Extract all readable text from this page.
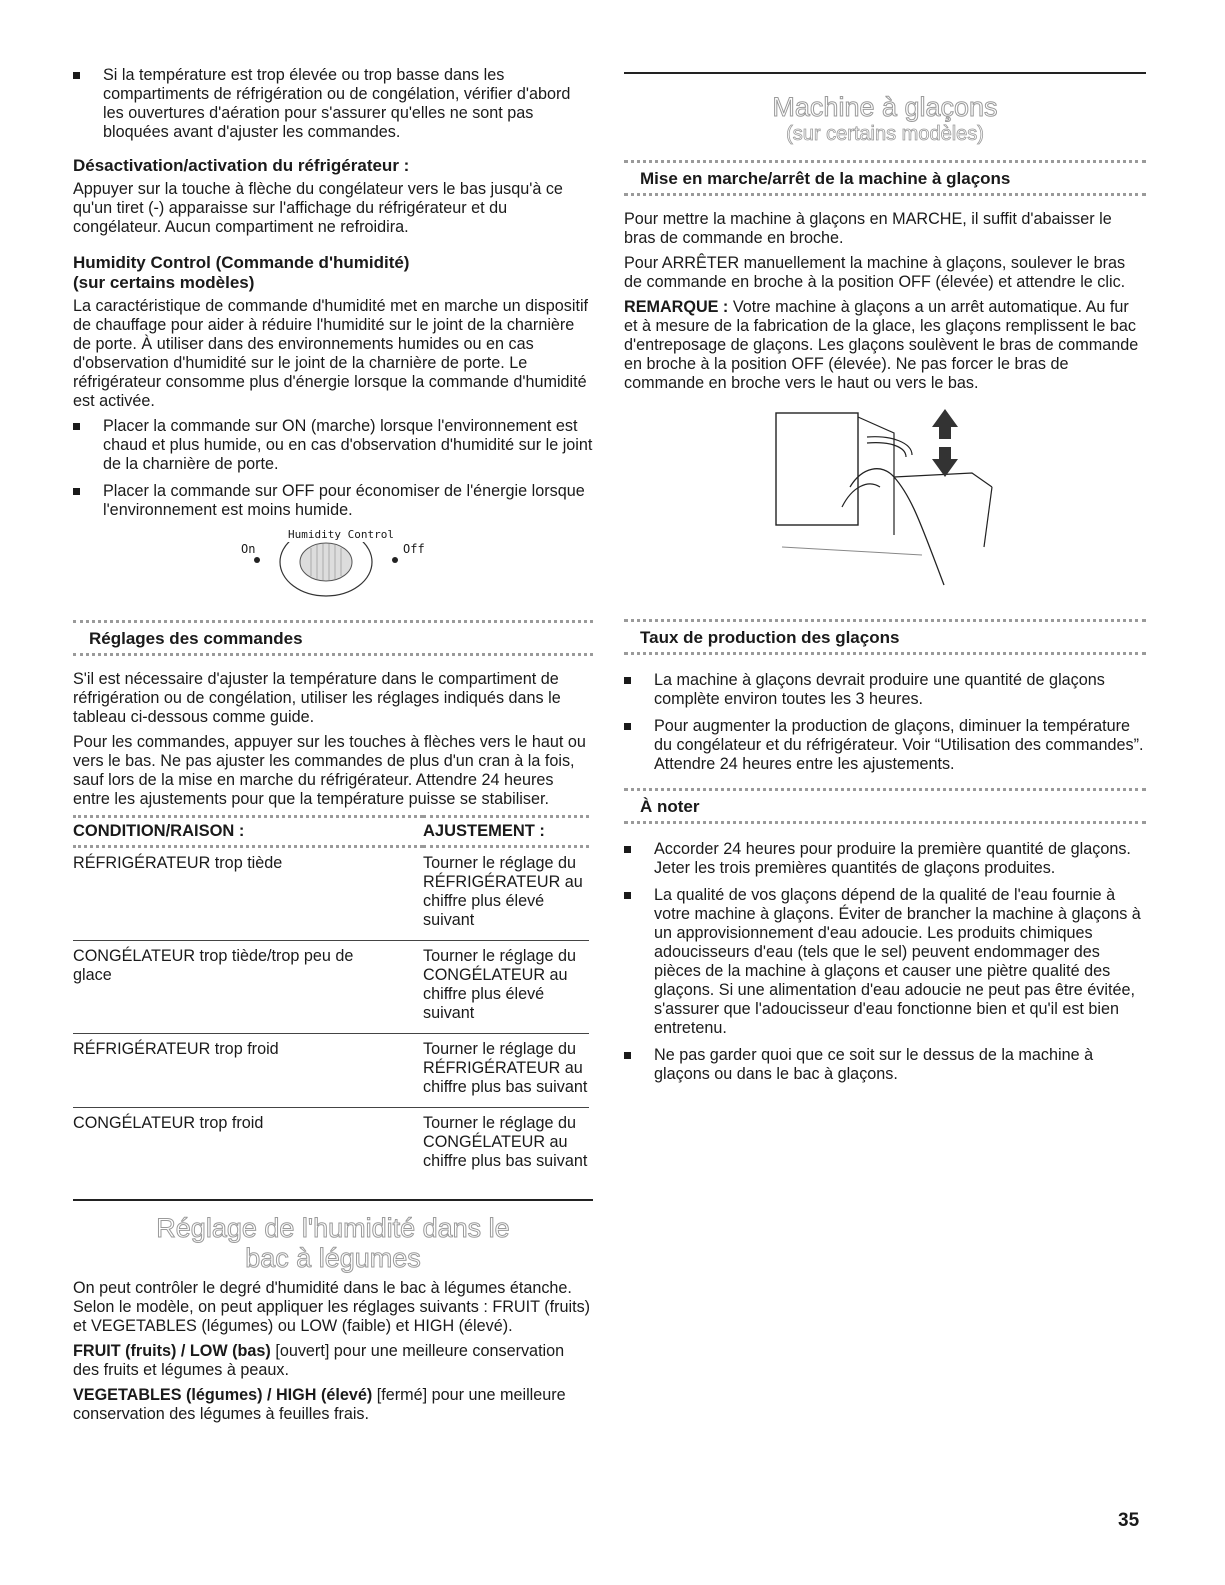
Si la température est trop élevée ou trop basse dans les compartiments de réfrigération ou de congélation, vérifier d'abord les ouvertures d'aération pour s'assurer qu'elles ne sont pas bloquées avant d'ajuster les commandes.
Désactivation/activation du réfrigérateur :

Appuyer sur la touche à flèche du congélateur vers le bas jusqu'à ce qu'un tiret (-) apparaisse sur l'affichage du réfrigérateur et du congélateur. Aucun compartiment ne refroidira.

Humidity Control (Commande d'humidité)
(sur certains modèles)

La caractéristique de commande d'humidité met en marche un dispositif de chauffage pour aider à réduire l'humidité sur le joint de la charnière de porte. À utiliser dans des environnements humides ou en cas d'observation d'humidité sur le joint de la charnière de porte. Le réfrigérateur consomme plus d'énergie lorsque la commande d'humidité est activée.

Placer la commande sur ON (marche) lorsque l'environnement est chaud et plus humide, ou en cas d'observation d'humidité sur le joint de la charnière de porte.
Placer la commande sur OFF pour économiser de l'énergie lorsque l'environnement est moins humide.
Humidity Control
On	Off
Réglages des commandes

S'il est nécessaire d'ajuster la température dans le compartiment de réfrigération ou de congélation, utiliser les réglages indiqués dans le tableau ci-dessous comme guide.

Pour les commandes, appuyer sur les touches à flèches vers le haut ou vers le bas. Ne pas ajuster les commandes de plus d'un cran à la fois, sauf lors de la mise en marche du réfrigérateur. Attendre 24 heures entre les ajustements pour que la température puisse se stabiliser.

CONDITION/RAISON :	AJUSTEMENT :
RÉFRIGÉRATEUR trop tiède	Tourner le réglage du
RÉFRIGÉRATEUR au
chiffre plus élevé suivant
CONGÉLATEUR trop tiède/trop peu de glace	Tourner le réglage du
CONGÉLATEUR au
chiffre plus élevé suivant
RÉFRIGÉRATEUR trop froid	Tourner le réglage du
RÉFRIGÉRATEUR au
chiffre plus bas suivant
CONGÉLATEUR trop froid	Tourner le réglage du
CONGÉLATEUR au
chiffre plus bas suivant
Réglage de l'humidité dans le
bac à légumes

On peut contrôler le degré d'humidité dans le bac à légumes étanche. Selon le modèle, on peut appliquer les réglages suivants : FRUIT (fruits) et VEGETABLES (légumes) ou LOW (faible) et HIGH (élevé).

FRUIT (fruits) / LOW (bas) [ouvert] pour une meilleure conservation des fruits et légumes à peaux.

VEGETABLES (légumes) / HIGH (élevé) [fermé] pour une meilleure conservation des légumes à feuilles frais.

Machine à glaçons
(sur certains modèles)
Mise en marche/arrêt de la machine à glaçons

Pour mettre la machine à glaçons en MARCHE, il suffit d'abaisser le bras de commande en broche.

Pour ARRÊTER manuellement la machine à glaçons, soulever le bras de commande en broche à la position OFF (élevée) et attendre le clic.

REMARQUE : Votre machine à glaçons a un arrêt automatique. Au fur et à mesure de la fabrication de la glace, les glaçons remplissent le bac d'entreposage de glaçons. Les glaçons soulèvent le bras de commande en broche à la position OFF (élevée). Ne pas forcer le bras de commande en broche vers le haut ou vers le bas.

Taux de production des glaçons
La machine à glaçons devrait produire une quantité de glaçons complète environ toutes les 3 heures.
Pour augmenter la production de glaçons, diminuer la température du congélateur et du réfrigérateur. Voir “Utilisation des commandes”. Attendre 24 heures entre les ajustements.
À noter
Accorder 24 heures pour produire la première quantité de glaçons. Jeter les trois premières quantités de glaçons produites.
La qualité de vos glaçons dépend de la qualité de l'eau fournie à votre machine à glaçons. Éviter de brancher la machine à glaçons à un approvisionnement d'eau adoucie. Les produits chimiques adoucisseurs d'eau (tels que le sel) peuvent endommager des pièces de la machine à glaçons et causer une piètre qualité des glaçons. Si une alimentation d'eau adoucie ne peut pas être évitée, s'assurer que l'adoucisseur d'eau fonctionne bien et qu'il est bien entretenu.
Ne pas garder quoi que ce soit sur le dessus de la machine à glaçons ou dans le bac à glaçons.
35
